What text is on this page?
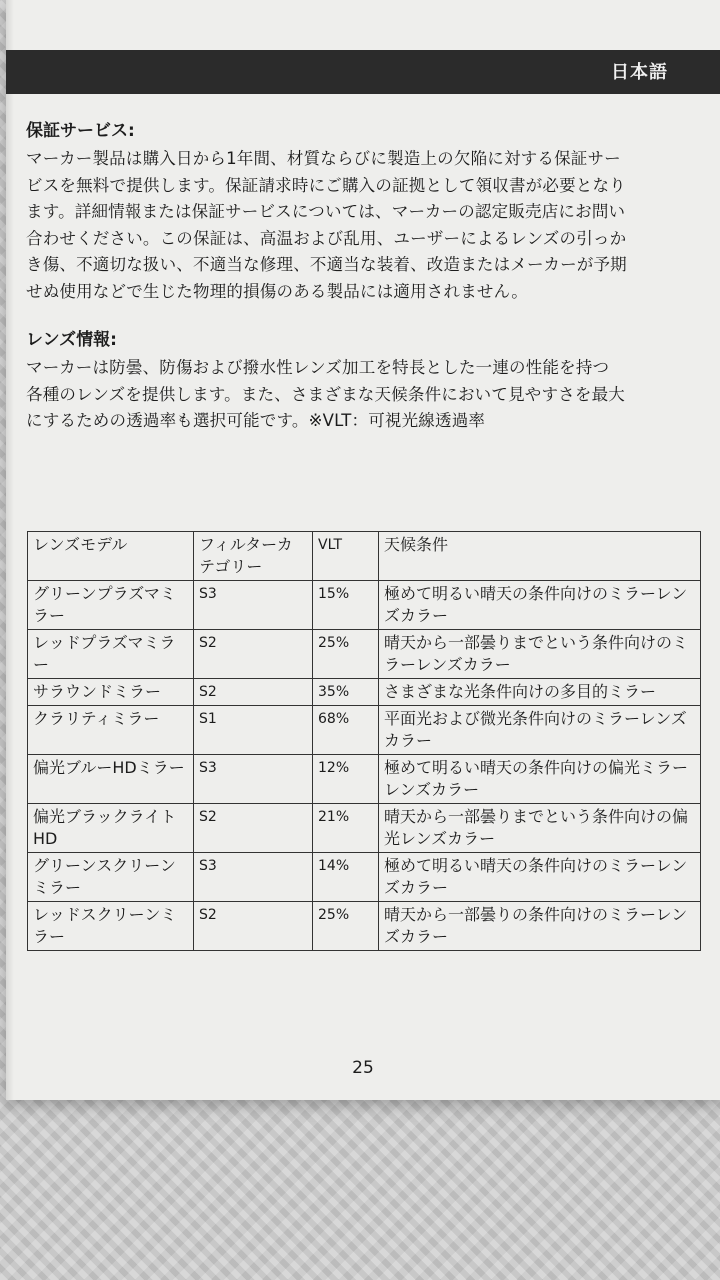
日本語
25

保証サービス:

マーカー製品は購入日から1年間、材質ならびに製造上の欠陥に対する保証サー
ビスを無料で提供します。保証請求時にご購入の証拠として領収書が必要となり
ます。詳細情報または保証サービスについては、マーカーの認定販売店にお問い
合わせください。この保証は、高温および乱用、ユーザーによるレンズの引っか
き傷、不適切な扱い、不適当な修理、不適当な装着、改造またはメーカーが予期
せぬ使用などで生じた物理的損傷のある製品には適用されません。

レンズ情報:

マーカーは防曇、防傷および撥水性レンズ加工を特長とした一連の性能を持つ
各種のレンズを提供します。また、さまざまな天候条件において見やすさを最大
にするための透過率も選択可能です。※VLT：可視光線透過率

レンズモデル	フィルターカテゴリー	VLT	天候条件
グリーンプラズマミラー	S3	15%	極めて明るい晴天の条件向けのミラーレンズカラー
レッドプラズマミラー	S2	25%	晴天から一部曇りまでという条件向けのミラーレンズカラー
サラウンドミラー	S2	35%	さまざまな光条件向けの多目的ミラー
クラリティミラー	S1	68%	平面光および微光条件向けのミラーレンズカラー
偏光ブルーHDミラー	S3	12%	極めて明るい晴天の条件向けの偏光ミラーレンズカラー
偏光ブラックライトHD	S2	21%	晴天から一部曇りまでという条件向けの偏光レンズカラー
グリーンスクリーンミラー	S3	14%	極めて明るい晴天の条件向けのミラーレンズカラー
レッドスクリーンミラー	S2	25%	晴天から一部曇りの条件向けのミラーレンズカラー
